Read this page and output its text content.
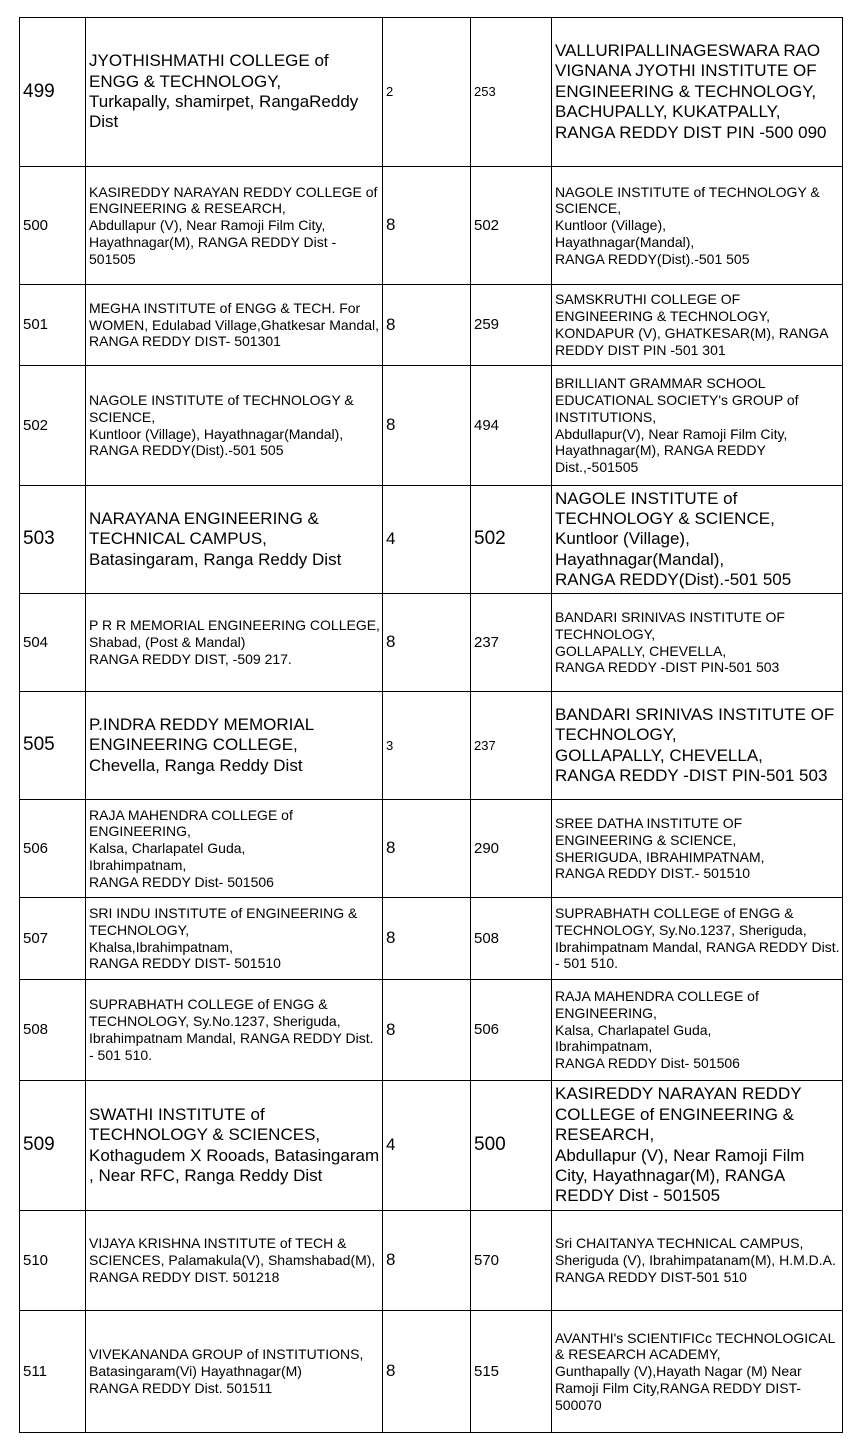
499	JYOTHISHMATHI COLLEGE of ENGG & TECHNOLOGY,
Turkapally, shamirpet, RangaReddy Dist	2	253	VALLURIPALLINAGESWARA RAO VIGNANA JYOTHI INSTITUTE OF ENGINEERING & TECHNOLOGY, BACHUPALLY, KUKATPALLY, RANGA REDDY DIST PIN -500 090
500	KASIREDDY NARAYAN REDDY COLLEGE of ENGINEERING & RESEARCH,
Abdullapur (V), Near Ramoji Film City, Hayathnagar(M), RANGA REDDY Dist - 501505	8	502	NAGOLE INSTITUTE of TECHNOLOGY & SCIENCE,
Kuntloor (Village),
Hayathnagar(Mandal),
RANGA REDDY(Dist).-501 505
501	MEGHA INSTITUTE of ENGG & TECH. For WOMEN, Edulabad Village,Ghatkesar Mandal,
RANGA REDDY DIST- 501301	8	259	SAMSKRUTHI COLLEGE OF ENGINEERING & TECHNOLOGY, KONDAPUR (V), GHATKESAR(M), RANGA REDDY DIST PIN -501 301
502	NAGOLE INSTITUTE of TECHNOLOGY & SCIENCE,
Kuntloor (Village), Hayathnagar(Mandal), RANGA REDDY(Dist).-501 505	8	494	BRILLIANT GRAMMAR SCHOOL EDUCATIONAL SOCIETY's GROUP of INSTITUTIONS,
Abdullapur(V), Near Ramoji Film City, Hayathnagar(M), RANGA REDDY Dist.,-501505
503	NARAYANA ENGINEERING & TECHNICAL CAMPUS,
Batasingaram, Ranga Reddy Dist	4	502	NAGOLE INSTITUTE of TECHNOLOGY & SCIENCE,
Kuntloor (Village),
Hayathnagar(Mandal),
RANGA REDDY(Dist).-501 505
504	P R R MEMORIAL ENGINEERING COLLEGE,
Shabad, (Post & Mandal)
RANGA REDDY DIST, -509 217.	8	237	BANDARI SRINIVAS INSTITUTE OF TECHNOLOGY,
GOLLAPALLY, CHEVELLA,
RANGA REDDY -DIST PIN-501 503
505	P.INDRA REDDY MEMORIAL ENGINEERING COLLEGE,
Chevella, Ranga Reddy Dist	3	237	BANDARI SRINIVAS INSTITUTE OF TECHNOLOGY,
GOLLAPALLY, CHEVELLA,
RANGA REDDY -DIST PIN-501 503
506	RAJA MAHENDRA COLLEGE of ENGINEERING,
Kalsa, Charlapatel Guda,
Ibrahimpatnam,
RANGA REDDY Dist- 501506	8	290	SREE DATHA INSTITUTE OF ENGINEERING & SCIENCE,
SHERIGUDA, IBRAHIMPATNAM,
RANGA REDDY DIST.- 501510
507	SRI INDU INSTITUTE of ENGINEERING & TECHNOLOGY,
Khalsa,Ibrahimpatnam,
RANGA REDDY DIST- 501510	8	508	SUPRABHATH COLLEGE of ENGG & TECHNOLOGY, Sy.No.1237, Sheriguda, Ibrahimpatnam Mandal, RANGA REDDY Dist. - 501 510.
508	SUPRABHATH COLLEGE of ENGG & TECHNOLOGY, Sy.No.1237, Sheriguda, Ibrahimpatnam Mandal, RANGA REDDY Dist. - 501 510.	8	506	RAJA MAHENDRA COLLEGE of ENGINEERING,
Kalsa, Charlapatel Guda,
Ibrahimpatnam,
RANGA REDDY Dist- 501506
509	SWATHI INSTITUTE of TECHNOLOGY & SCIENCES,
Kothagudem X Rooads, Batasingaram , Near RFC, Ranga Reddy Dist	4	500	KASIREDDY NARAYAN REDDY COLLEGE of ENGINEERING & RESEARCH,
Abdullapur (V), Near Ramoji Film City, Hayathnagar(M), RANGA REDDY Dist - 501505
510	VIJAYA KRISHNA INSTITUTE of TECH & SCIENCES, Palamakula(V), Shamshabad(M),
RANGA REDDY DIST. 501218	8	570	Sri CHAITANYA TECHNICAL CAMPUS, Sheriguda (V), Ibrahimpatanam(M), H.M.D.A. RANGA REDDY DIST-501 510
511	VIVEKANANDA GROUP of INSTITUTIONS, Batasingaram(Vi) Hayathnagar(M)
RANGA REDDY Dist. 501511	8	515	AVANTHI's SCIENTIFICc TECHNOLOGICAL & RESEARCH ACADEMY,
Gunthapally (V),Hayath Nagar (M) Near Ramoji Film City,RANGA REDDY DIST-500070
